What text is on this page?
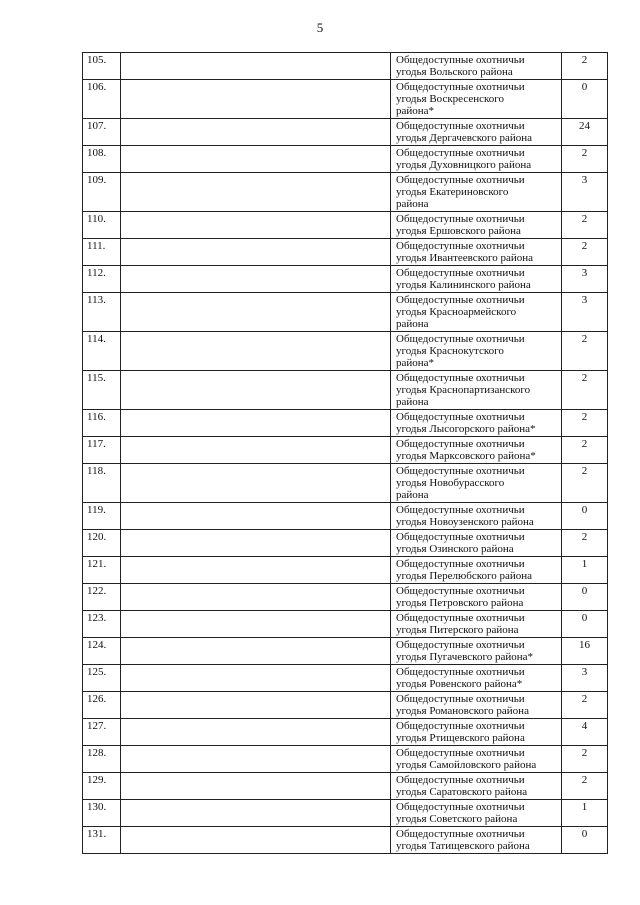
5
105.		Общедоступные охотничьи
угодья Вольского района	2
106.		Общедоступные охотничьи
угодья Воскресенского
района*	0
107.		Общедоступные охотничьи
угодья Дергачевского района	24
108.		Общедоступные охотничьи
угодья Духовницкого района	2
109.		Общедоступные охотничьи
угодья Екатериновского
района	3
110.		Общедоступные охотничьи
угодья Ершовского района	2
111.		Общедоступные охотничьи
угодья Ивантеевского района	2
112.		Общедоступные охотничьи
угодья Калининского района	3
113.		Общедоступные охотничьи
угодья Красноармейского
района	3
114.		Общедоступные охотничьи
угодья Краснокутского
района*	2
115.		Общедоступные охотничьи
угодья Краснопартизанского
района	2
116.		Общедоступные охотничьи
угодья Лысогорского района*	2
117.		Общедоступные охотничьи
угодья Марксовского района*	2
118.		Общедоступные охотничьи
угодья Новобурасского
района	2
119.		Общедоступные охотничьи
угодья Новоузенского района	0
120.		Общедоступные охотничьи
угодья Озинского района	2
121.		Общедоступные охотничьи
угодья Перелюбского района	1
122.		Общедоступные охотничьи
угодья Петровского района	0
123.		Общедоступные охотничьи
угодья Питерского района	0
124.		Общедоступные охотничьи
угодья Пугачевского района*	16
125.		Общедоступные охотничьи
угодья Ровенского района*	3
126.		Общедоступные охотничьи
угодья Романовского района	2
127.		Общедоступные охотничьи
угодья Ртищевского района	4
128.		Общедоступные охотничьи
угодья Самойловского района	2
129.		Общедоступные охотничьи
угодья Саратовского района	2
130.		Общедоступные охотничьи
угодья Советского района	1
131.		Общедоступные охотничьи
угодья Татищевского района	0
